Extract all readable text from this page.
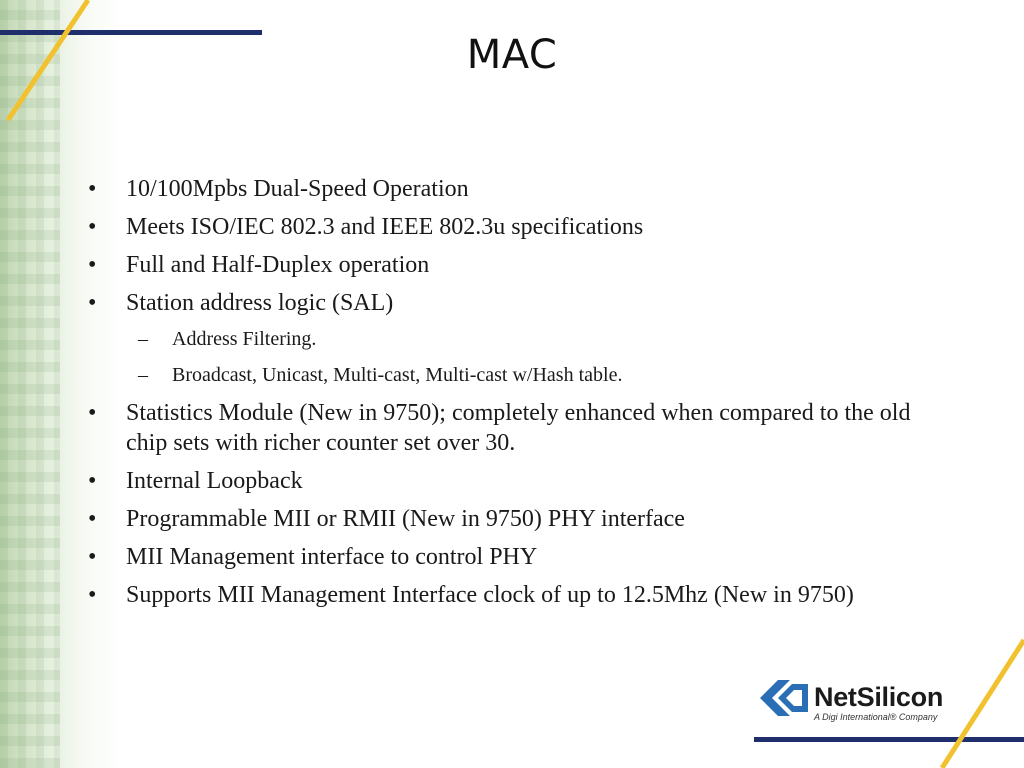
MAC
• 10/100Mpbs Dual-Speed Operation
• Meets ISO/IEC 802.3 and IEEE 802.3u specifications
• Full and Half-Duplex operation
• Station address logic (SAL)
– Address Filtering.
– Broadcast, Unicast, Multi-cast, Multi-cast w/Hash table.
• Statistics Module (New in 9750); completely enhanced when compared to the old chip sets with richer counter set over 30.
• Internal Loopback
• Programmable MII or RMII (New in 9750) PHY interface
• MII Management interface to control PHY
• Supports MII Management Interface clock of up to 12.5Mhz (New in 9750)
NetSilicon
A Digi International® Company
